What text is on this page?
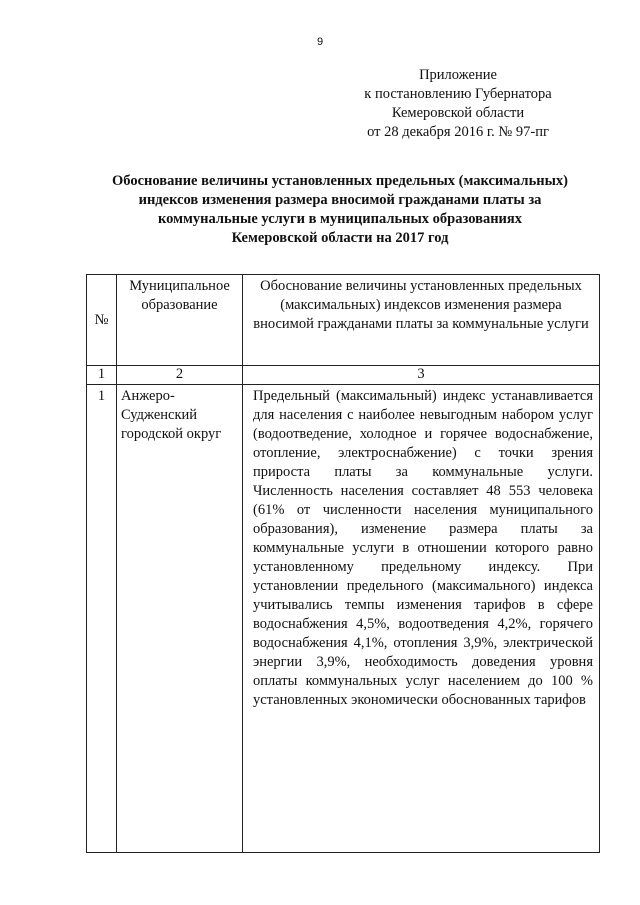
9
Приложение
к постановлению Губернатора
Кемеровской области
от 28 декабря 2016 г. № 97-пг
Обоснование величины установленных предельных (максимальных)
индексов изменения размера вносимой гражданами платы за
коммунальные услуги в муниципальных образованиях
Кемеровской области на 2017 год
№	Муниципальное образование	Обоснование величины установленных предельных (максимальных) индексов изменения размера вносимой гражданами платы за коммунальные услуги
1	2	3
1	Анжеро-Судженский городской округ	Предельный (максимальный) индекс устанавливается для населения с наиболее невыгодным набором услуг (водоотведение, холодное и горячее водоснабжение, отопление, электроснабжение) с точки зрения прироста платы за коммунальные услуги. Численность населения составляет 48 553 человека (61% от численности населения муниципального образования), изменение размера платы за коммунальные услуги в отношении которого равно установленному предельному индексу. При установлении предельного (максимального) индекса учитывались темпы изменения тарифов в сфере водоснабжения 4,5%, водоотведения 4,2%, горячего водоснабжения 4,1%, отопления 3,9%, электрической энергии 3,9%, необходимость доведения уровня оплаты коммунальных услуг населением до 100 % установленных экономически обоснованных тарифов
